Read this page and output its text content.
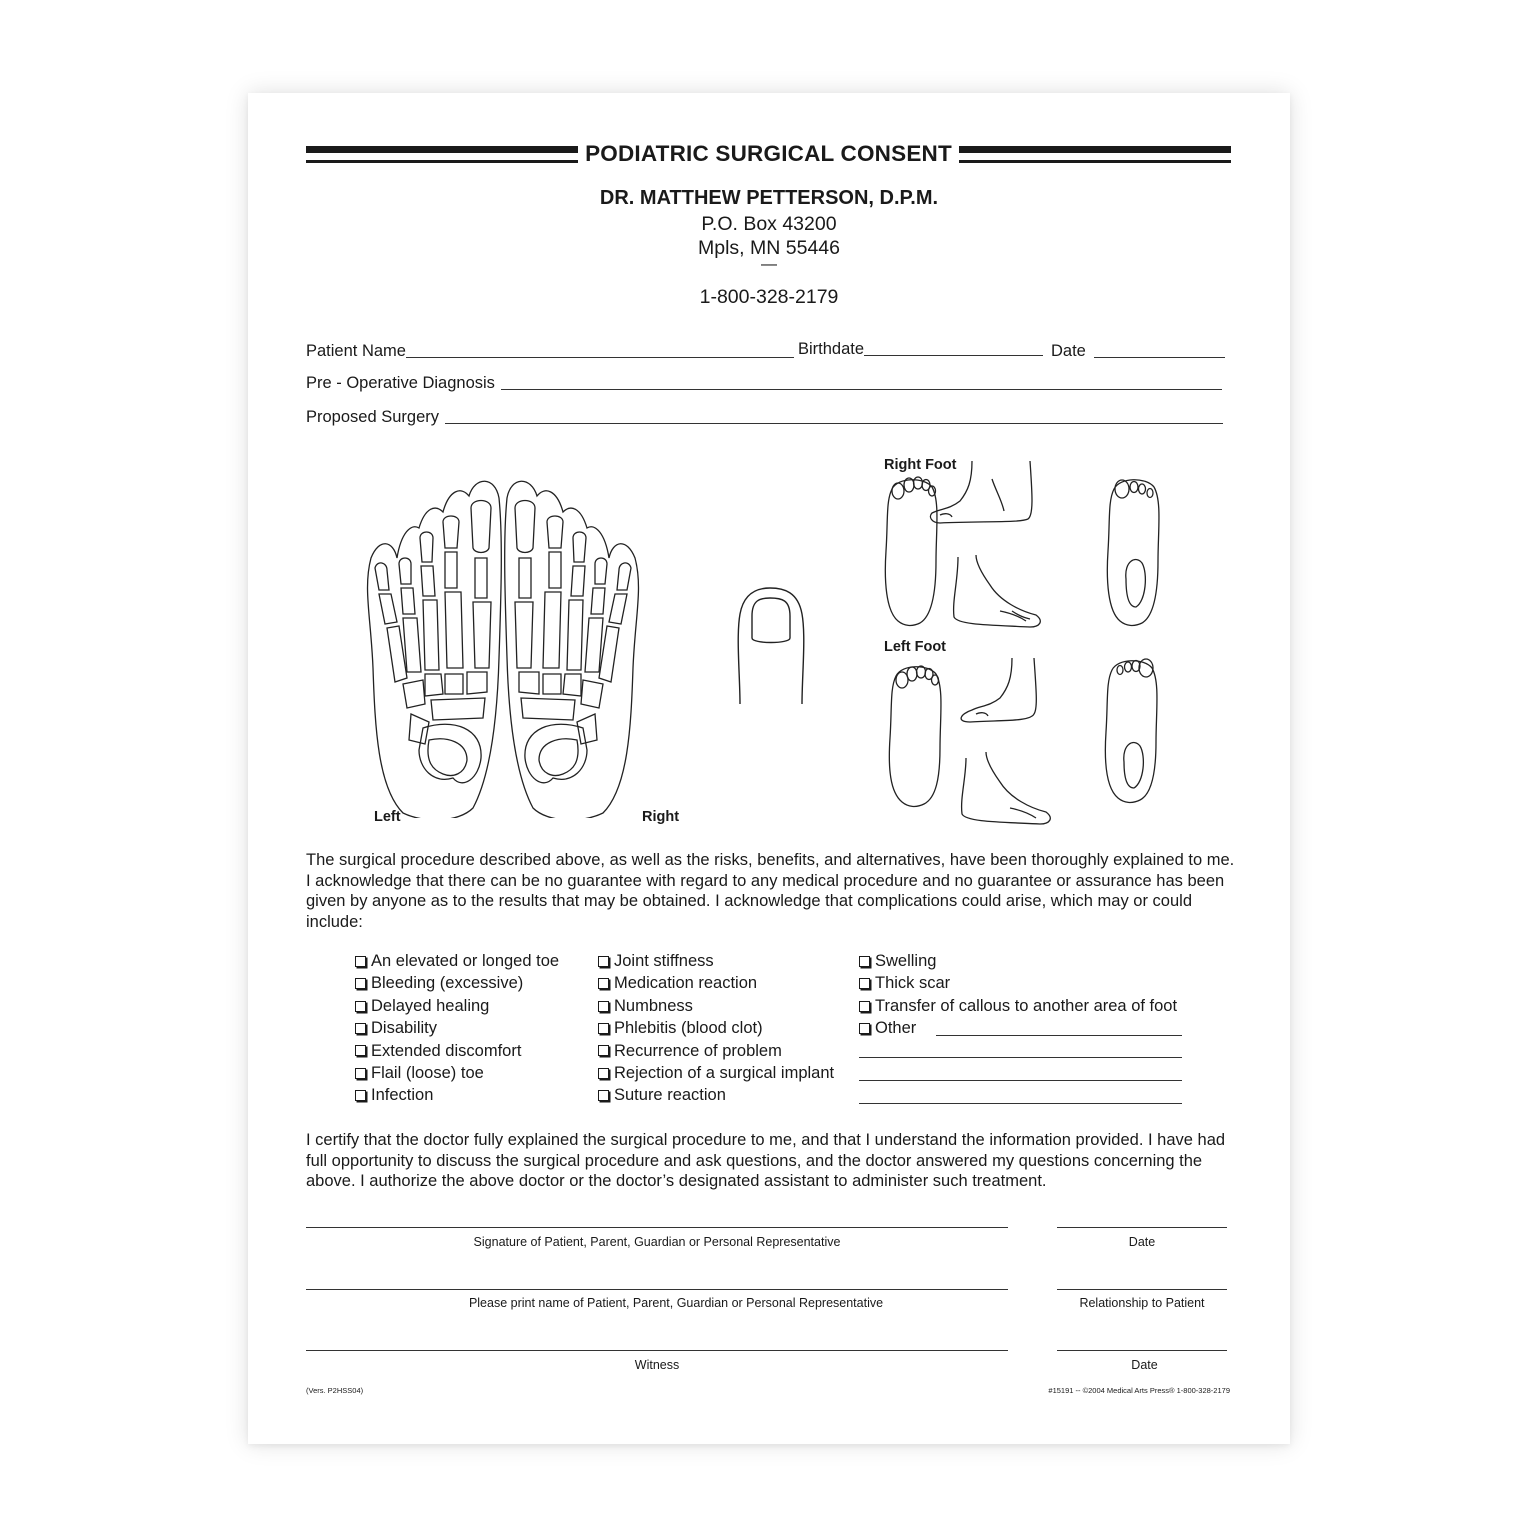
PODIATRIC SURGICAL CONSENT
DR. MATTHEW PETTERSON, D.P.M.
P.O. Box 43200
Mpls, MN 55446
—
1-800-328-2179
Patient Name	Birthdate	Date
Pre - Operative Diagnosis
Proposed Surgery
Left	Right
Right Foot
Left Foot
The surgical procedure described above, as well as the risks, benefits, and alternatives, have been thoroughly explained to me. I acknowledge that there can be no guarantee with regard to any medical procedure and no guarantee or assurance has been given by anyone as to the results that may be obtained. I acknowledge that complications could arise, which may or could include:
An elevated or longed toe
Bleeding (excessive)
Delayed healing
Disability
Extended discomfort
Flail (loose) toe
Infection
Joint stiffness
Medication reaction
Numbness
Phlebitis (blood clot)
Recurrence of problem
Rejection of a surgical implant
Suture reaction
Swelling
Thick scar
Transfer of callous to another area of foot
Other
I certify that the doctor fully explained the surgical procedure to me, and that I understand the information provided. I have had full opportunity to discuss the surgical procedure and ask questions, and the doctor answered my questions concerning the above. I authorize the above doctor or the doctor’s designated assistant to administer such treatment.
Signature of Patient, Parent, Guardian or Personal Representative	Date
Please print name of Patient, Parent, Guardian or Personal Representative	Relationship to Patient
Witness	Date
(Vers. P2HSS04)	#15191 -- ©2004 Medical Arts Press® 1-800-328-2179
